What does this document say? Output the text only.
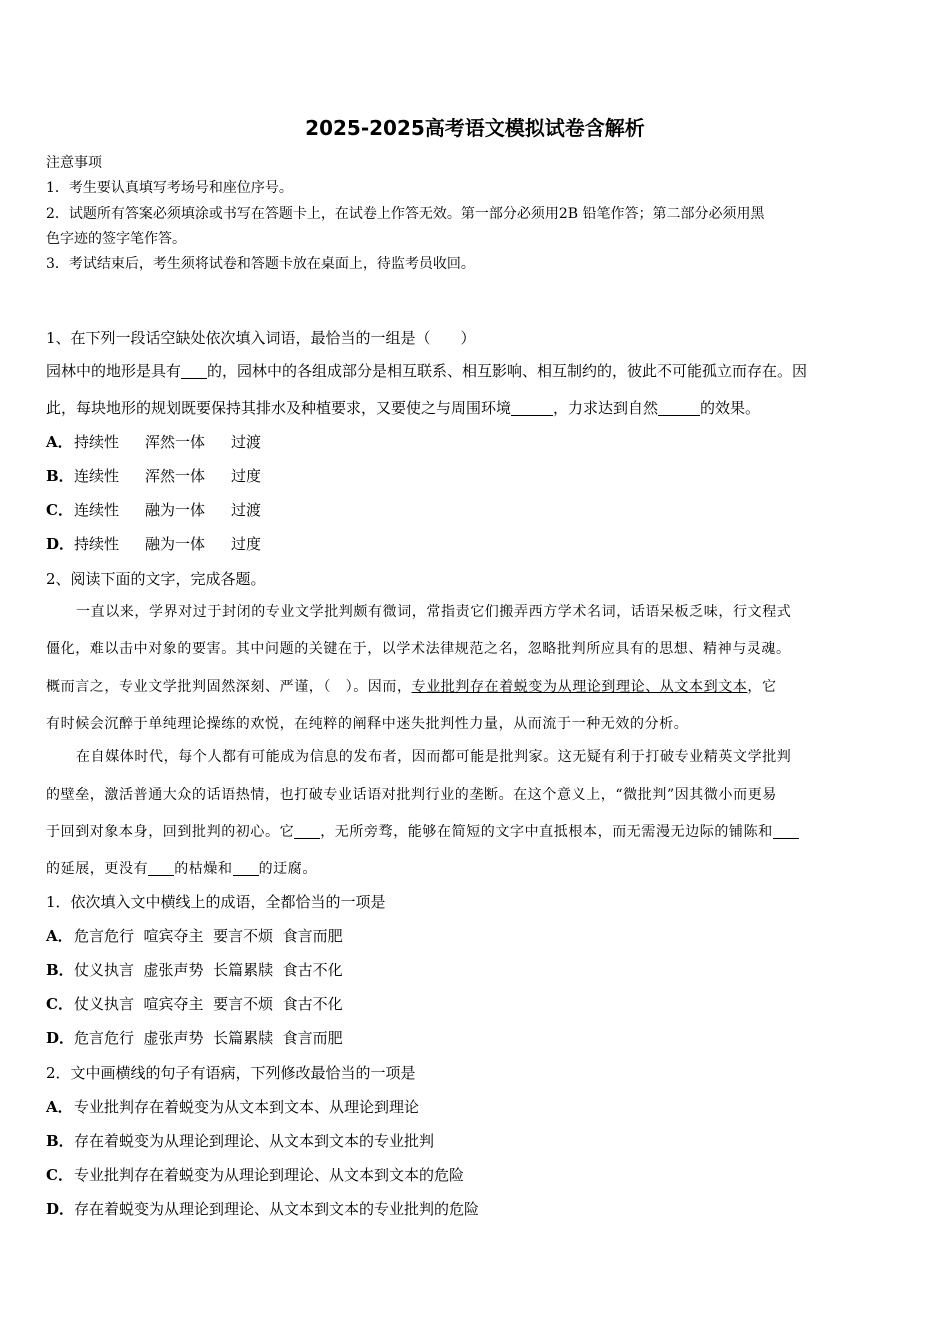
2025-2025高考语文模拟试卷含解析
注意事项
1．考生要认真填写考场号和座位序号。
2．试题所有答案必须填涂或书写在答题卡上，在试卷上作答无效。第一部分必须用2B 铅笔作答；第二部分必须用黑
色字迹的签字笔作答。
3．考试结束后，考生须将试卷和答题卡放在桌面上，待监考员收回。
1、在下列一段话空缺处依次填入词语，最恰当的一组是（　　）
园林中的地形是具有 的，园林中的各组成部分是相互联系、相互影响、相互制约的，彼此不可能孤立而存在。因
此，每块地形的规划既要保持其排水及种植要求，又要使之与周围环境	，力求达到自然	的效果。
A．持续性 浑然一体 过渡
B．连续性 浑然一体 过度
C．连续性 融为一体 过渡
D．持续性 融为一体 过度
2、阅读下面的文字，完成各题。
一直以来，学界对过于封闭的专业文学批判颇有微词，常指责它们搬弄西方学术名词，话语呆板乏味，行文程式
僵化，难以击中对象的要害。其中问题的关键在于，以学术法律规范之名，忽略批判所应具有的思想、精神与灵魂。
概而言之，专业文学批判固然深刻、严谨，（　）。因而，专业批判存在着蜕变为从理论到理论、从文本到文本，它
有时候会沉醉于单纯理论操练的欢悦，在纯粹的阐释中迷失批判性力量，从而流于一种无效的分析。
在自媒体时代，每个人都有可能成为信息的发布者，因而都可能是批判家。这无疑有利于打破专业精英文学批判
的壁垒，激活普通大众的话语热情，也打破专业话语对批判行业的垄断。在这个意义上，“微批判”因其微小而更易
于回到对象本身，回到批判的初心。它 ，无所旁骛，能够在简短的文字中直抵根本，而无需漫无边际的铺陈和
的延展，更没有 的枯燥和 的迂腐。
1．依次填入文中横线上的成语，全都恰当的一项是
A．危言危行  喧宾夺主  要言不烦  食言而肥
B．仗义执言  虚张声势  长篇累牍  食古不化
C．仗义执言  喧宾夺主  要言不烦  食古不化
D．危言危行  虚张声势  长篇累牍  食言而肥
2．文中画横线的句子有语病，下列修改最恰当的一项是
A．专业批判存在着蜕变为从文本到文本、从理论到理论
B．存在着蜕变为从理论到理论、从文本到文本的专业批判
C．专业批判存在着蜕变为从理论到理论、从文本到文本的危险
D．存在着蜕变为从理论到理论、从文本到文本的专业批判的危险
